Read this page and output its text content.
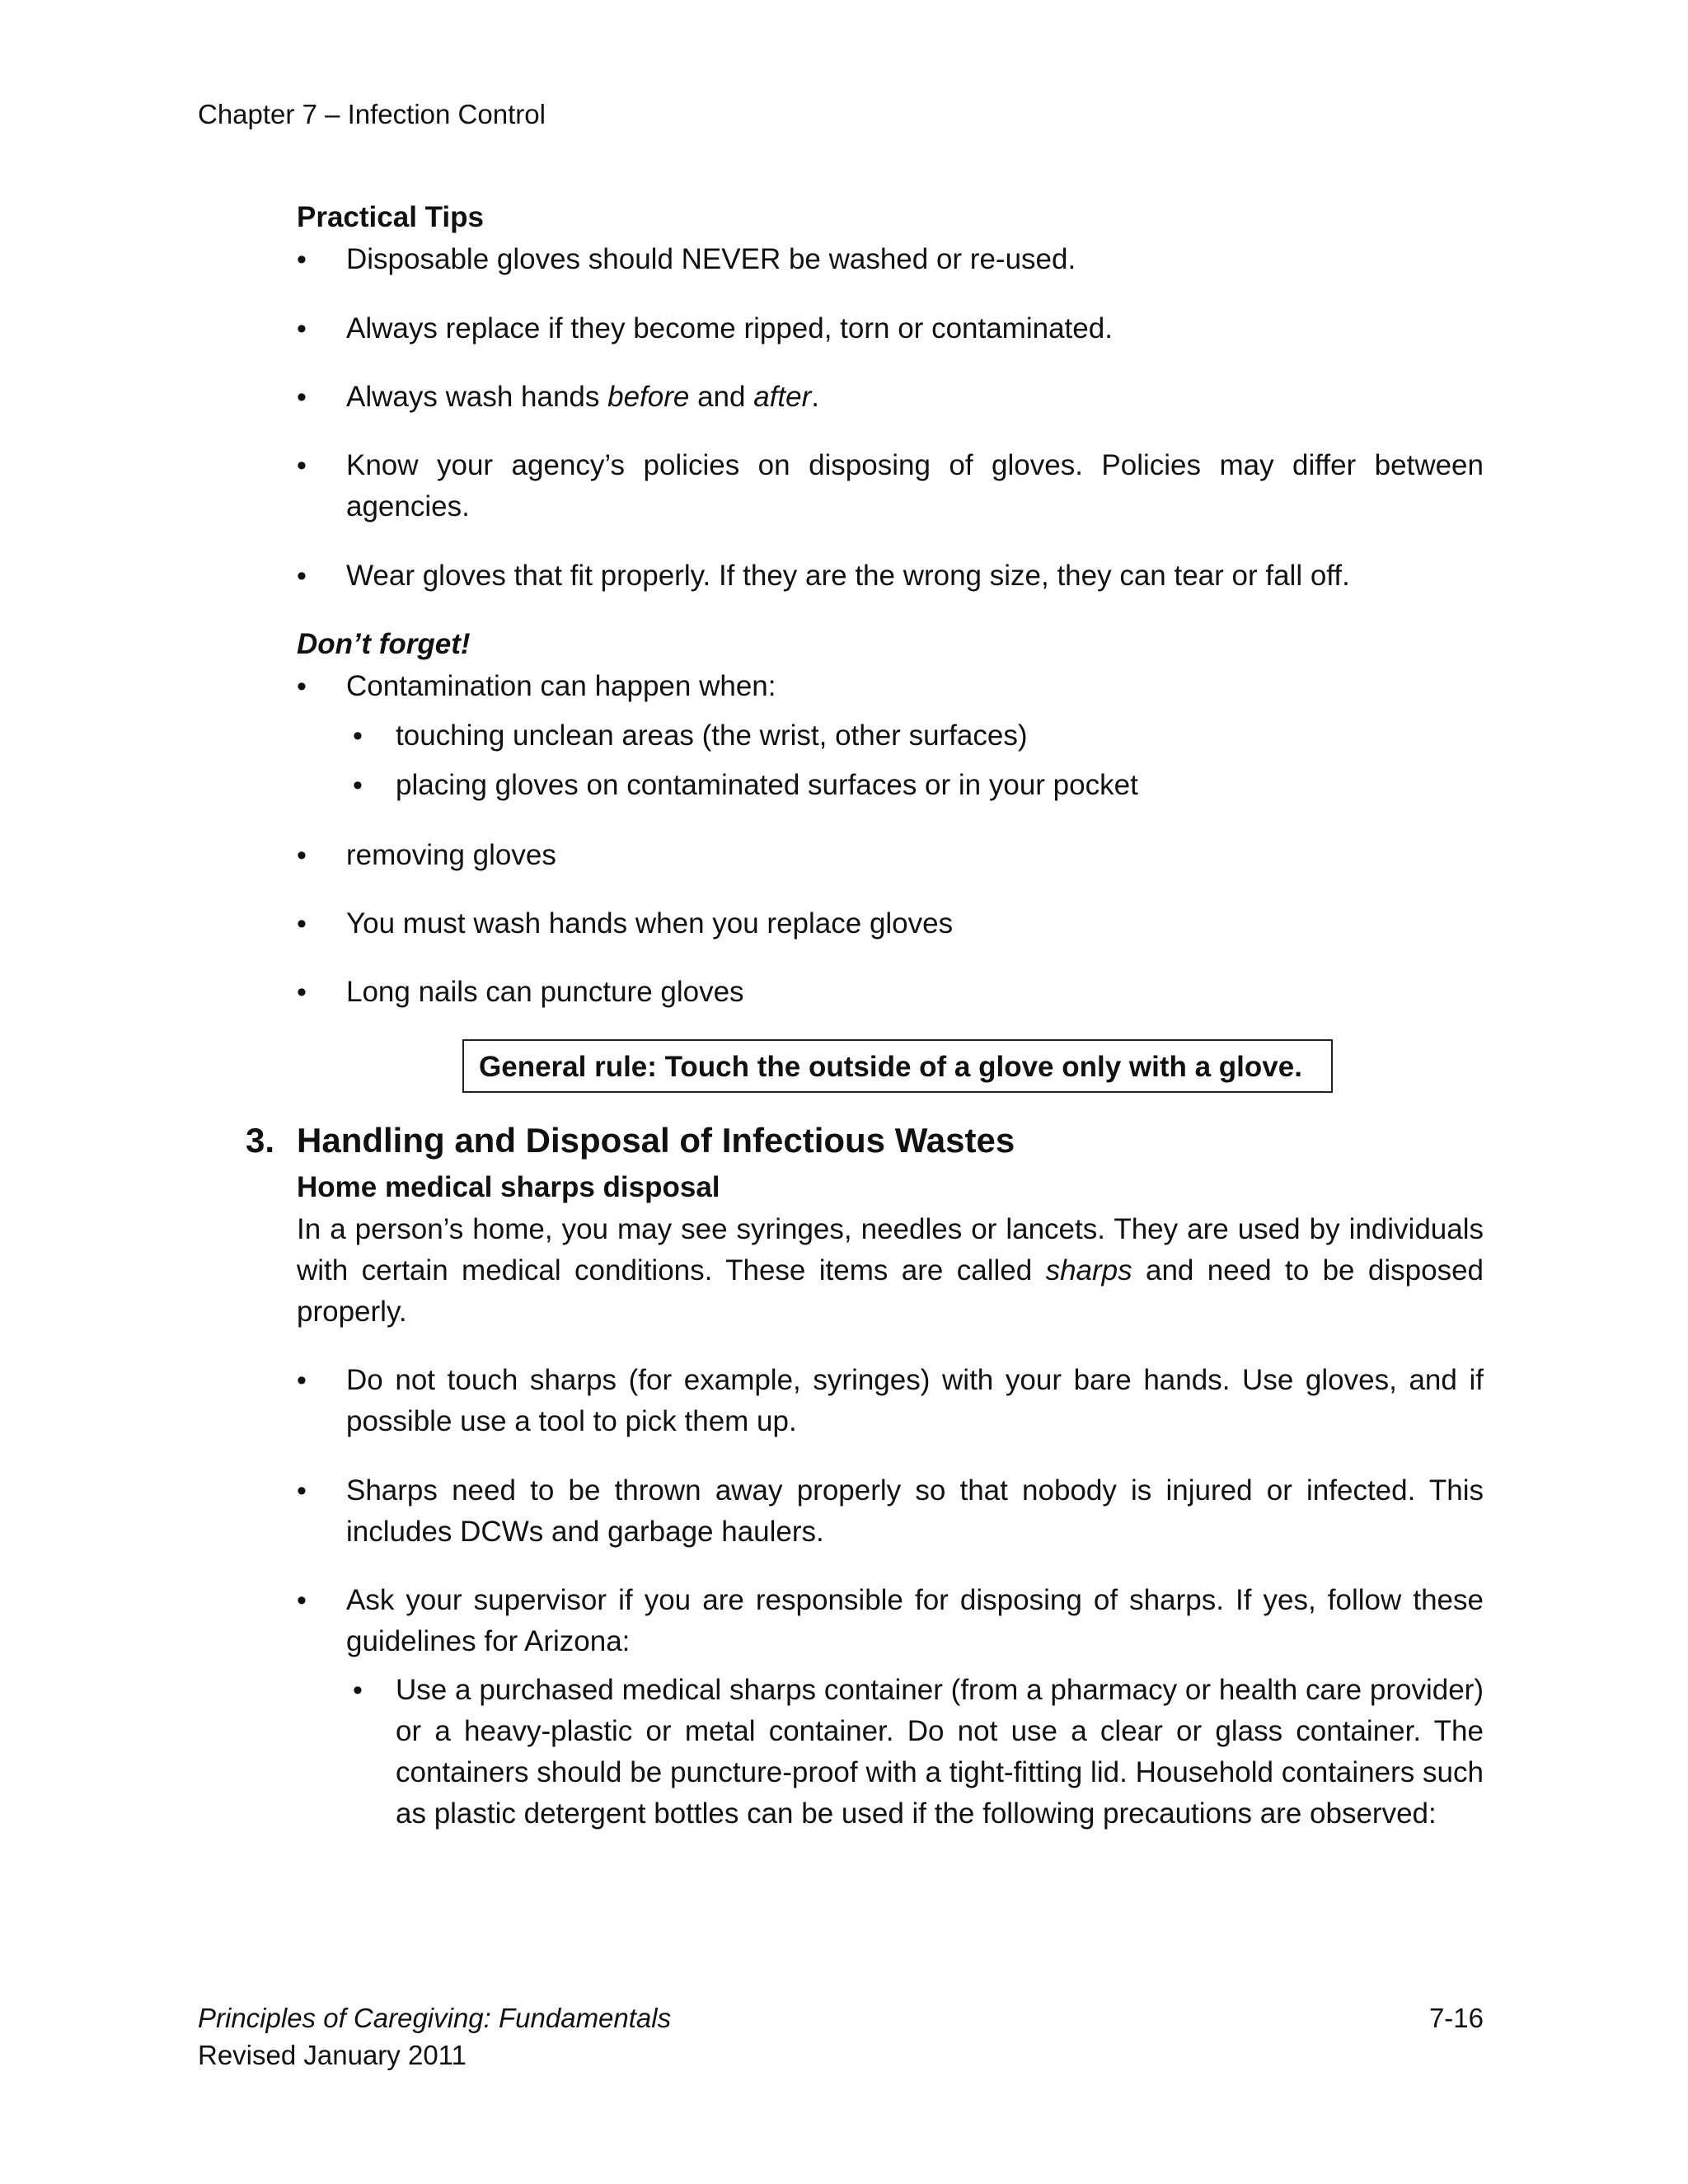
Chapter 7 – Infection Control
Practical Tips
• Disposable gloves should NEVER be washed or re-used.
• Always replace if they become ripped, torn or contaminated.
• Always wash hands before and after.
• Know your agency’s policies on disposing of gloves. Policies may differ between agencies.
• Wear gloves that fit properly. If they are the wrong size, they can tear or fall off.
Don’t forget!
• Contamination can happen when:
• touching unclean areas (the wrist, other surfaces)
• placing gloves on contaminated surfaces or in your pocket
• removing gloves
• You must wash hands when you replace gloves
• Long nails can puncture gloves
General rule: Touch the outside of a glove only with a glove.
3. Handling and Disposal of Infectious Wastes
Home medical sharps disposal
In a person’s home, you may see syringes, needles or lancets. They are used by individuals with certain medical conditions. These items are called sharps and need to be disposed properly.
• Do not touch sharps (for example, syringes) with your bare hands. Use gloves, and if possible use a tool to pick them up.
• Sharps need to be thrown away properly so that nobody is injured or infected. This includes DCWs and garbage haulers.
• Ask your supervisor if you are responsible for disposing of sharps. If yes, follow these guidelines for Arizona:
• Use a purchased medical sharps container (from a pharmacy or health care provider) or a heavy-plastic or metal container. Do not use a clear or glass container. The containers should be puncture-proof with a tight-fitting lid. Household containers such as plastic detergent bottles can be used if the following precautions are observed:
Principles of Caregiving: Fundamentals
Revised January 2011
7-16
